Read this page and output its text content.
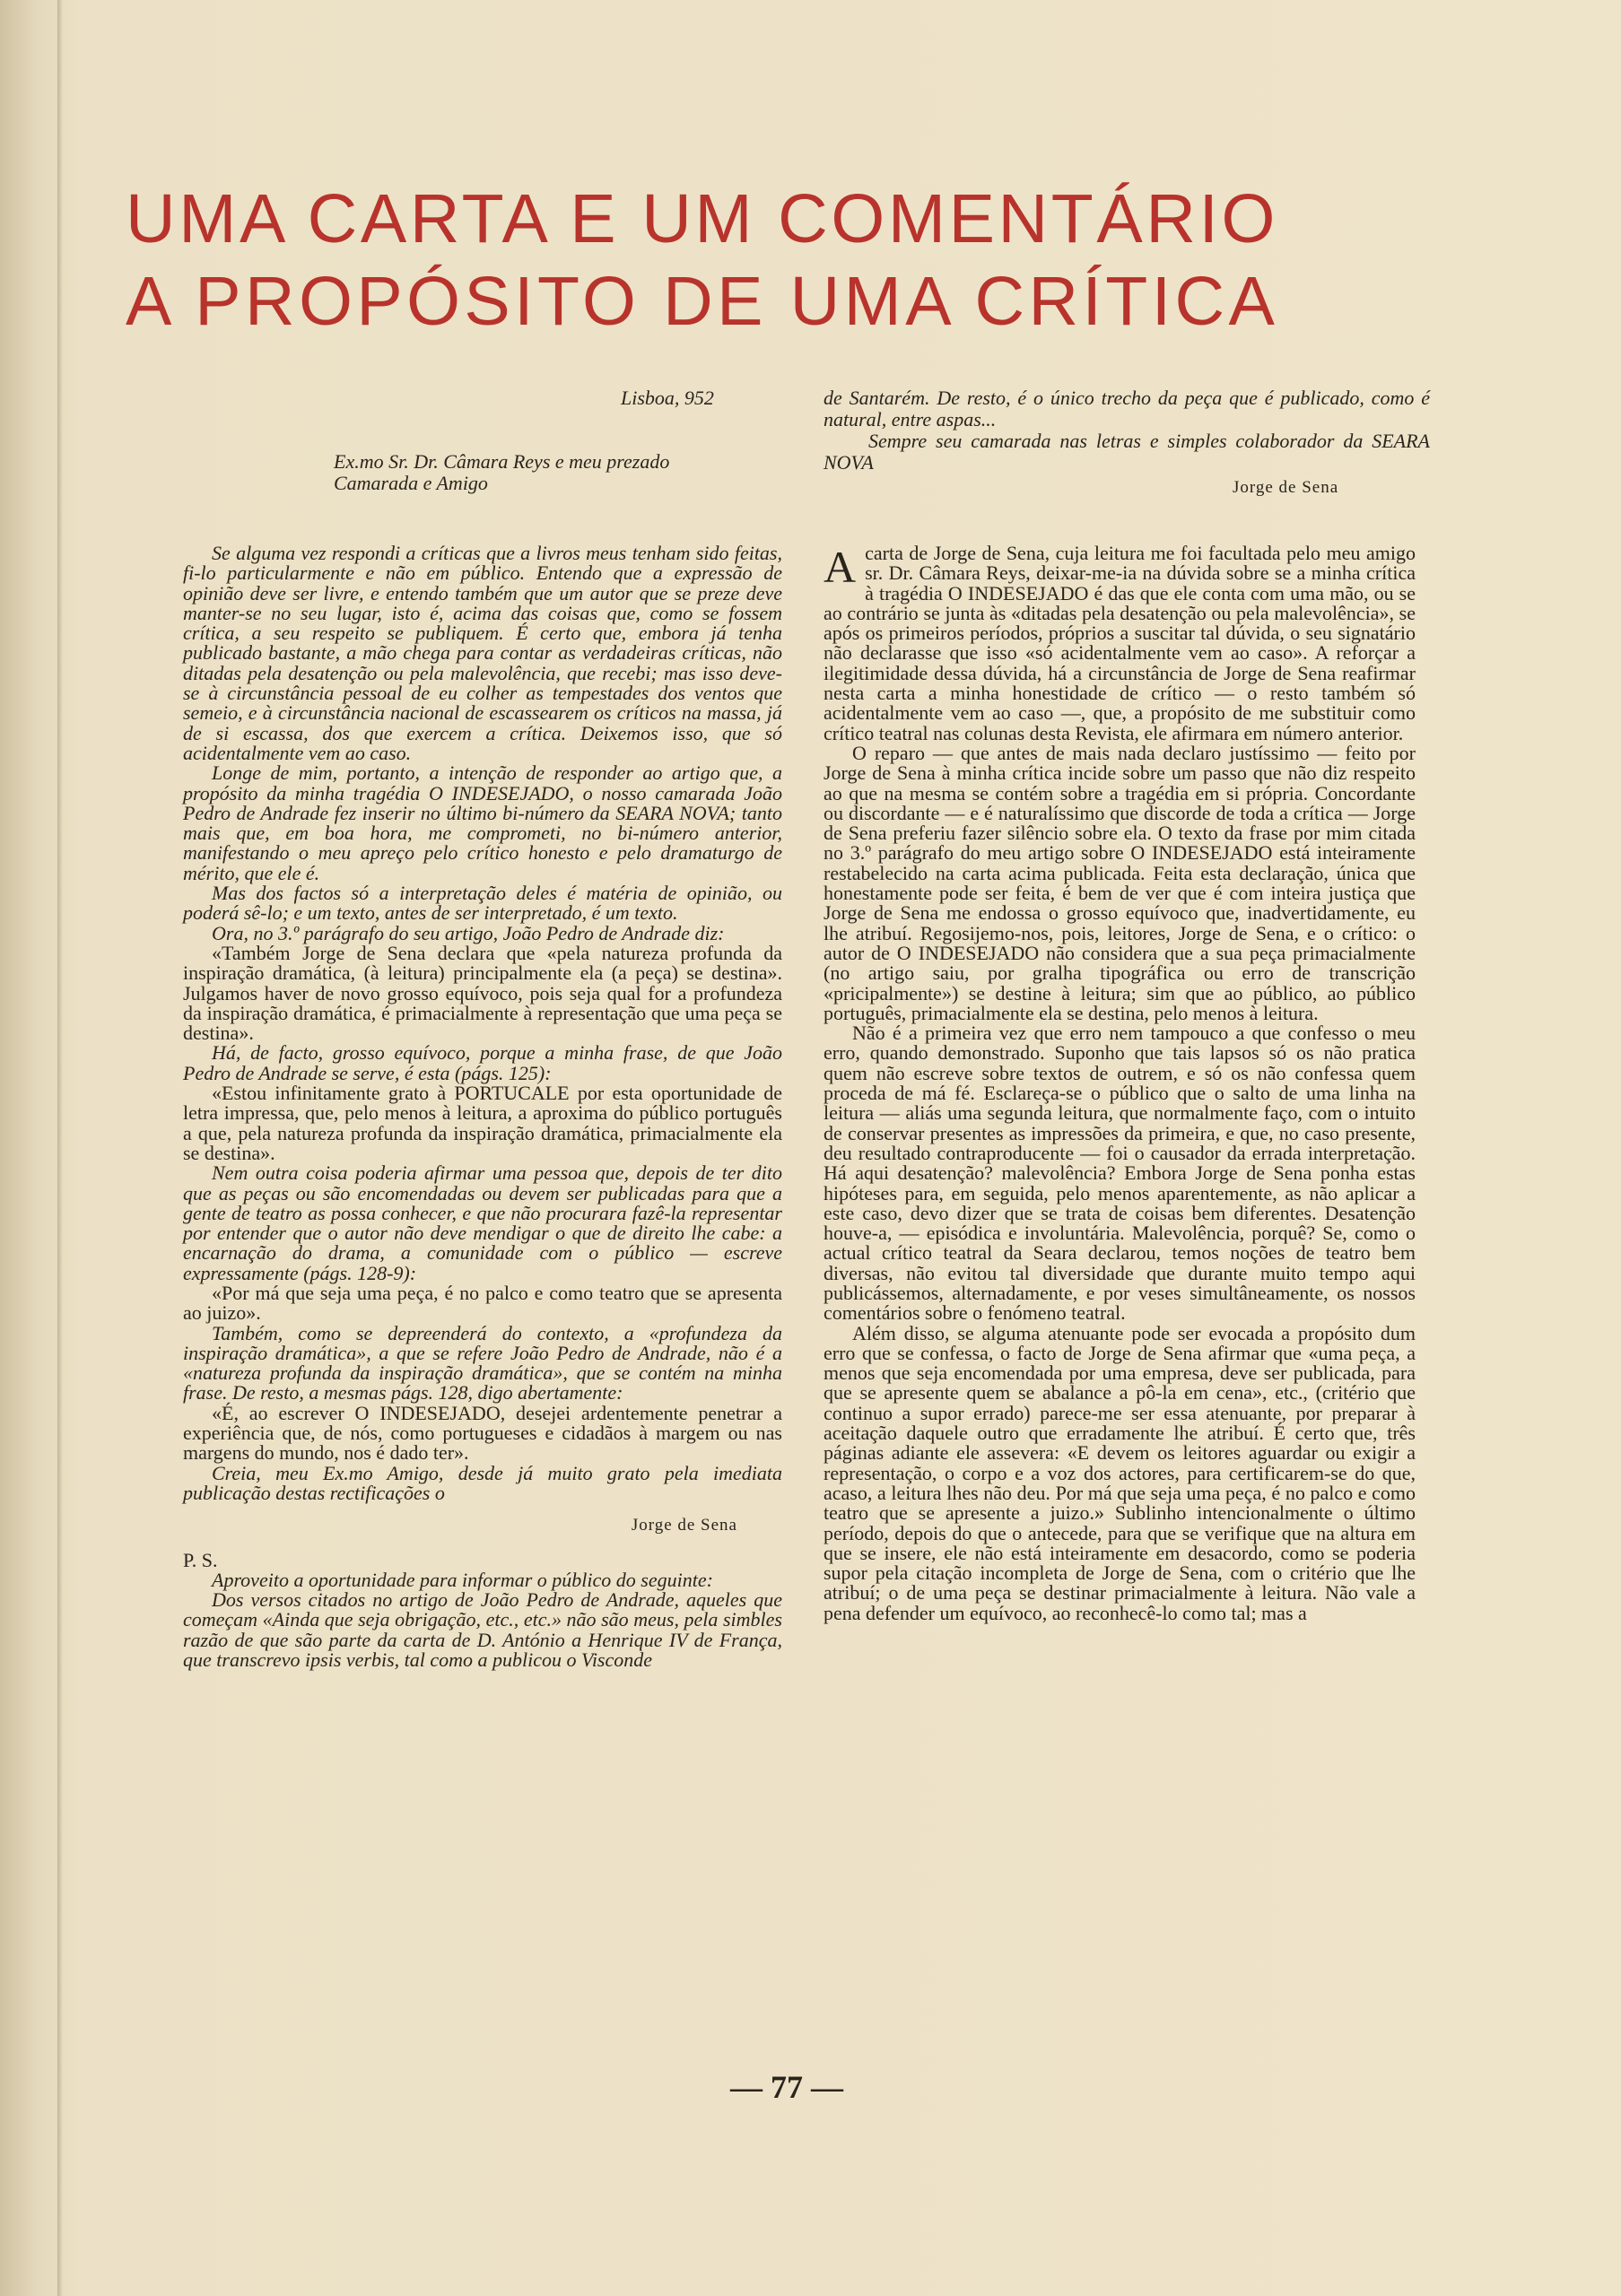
UMA CARTA E UM COMENTÁRIO
A PROPÓSITO DE UMA CRÍTICA
Lisboa, 952
Ex.mo Sr. Dr. Câmara Reys e meu prezado
Camarada e Amigo
de Santarém. De resto, é o único trecho da peça que é publicado, como é natural, entre aspas...
Sempre seu camarada nas letras e simples colaborador da SEARA NOVA
Jorge de Sena

Se alguma vez respondi a críticas que a livros meus tenham sido feitas, fi-lo particularmente e não em público. Entendo que a expressão de opinião deve ser livre, e entendo também que um autor que se preze deve manter-se no seu lugar, isto é, acima das coisas que, como se fossem crítica, a seu respeito se publiquem. É certo que, embora já tenha publicado bastante, a mão chega para contar as verdadeiras críticas, não ditadas pela desatenção ou pela malevolência, que recebi; mas isso deve-se à circunstância pessoal de eu colher as tempestades dos ventos que semeio, e à circunstância nacional de escassearem os críticos na massa, já de si escassa, dos que exercem a crítica. Deixemos isso, que só acidentalmente vem ao caso.

Longe de mim, portanto, a intenção de responder ao artigo que, a propósito da minha tragédia O INDESEJADO, o nosso camarada João Pedro de Andrade fez inserir no último bi-número da SEARA NOVA; tanto mais que, em boa hora, me comprometi, no bi-número anterior, manifestando o meu apreço pelo crítico honesto e pelo dramaturgo de mérito, que ele é.

Mas dos factos só a interpretação deles é matéria de opinião, ou poderá sê-lo; e um texto, antes de ser interpretado, é um texto.

Ora, no 3.º parágrafo do seu artigo, João Pedro de Andrade diz:

«Também Jorge de Sena declara que «pela natureza profunda da inspiração dramática, (à leitura) principalmente ela (a peça) se destina». Julgamos haver de novo grosso equívoco, pois seja qual for a profundeza da inspiração dramática, é primacialmente à representação que uma peça se destina».

Há, de facto, grosso equívoco, porque a minha frase, de que João Pedro de Andrade se serve, é esta (págs. 125):

«Estou infinitamente grato à PORTUCALE por esta oportunidade de letra impressa, que, pelo menos à leitura, a aproxima do público português a que, pela natureza profunda da inspiração dramática, primacialmente ela se destina».

Nem outra coisa poderia afirmar uma pessoa que, depois de ter dito que as peças ou são encomendadas ou devem ser publicadas para que a gente de teatro as possa conhecer, e que não procurara fazê-la representar por entender que o autor não deve mendigar o que de direito lhe cabe: a encarnação do drama, a comunidade com o público — escreve expressamente (págs. 128-9):

«Por má que seja uma peça, é no palco e como teatro que se apresenta ao juizo».

Também, como se depreenderá do contexto, a «profundeza da inspiração dramática», a que se refere João Pedro de Andrade, não é a «natureza profunda da inspiração dramática», que se contém na minha frase. De resto, a mesmas págs. 128, digo abertamente:

«É, ao escrever O INDESEJADO, desejei ardentemente penetrar a experiência que, de nós, como portugueses e cidadãos à margem ou nas margens do mundo, nos é dado ter».

Creia, meu Ex.mo Amigo, desde já muito grato pela imediata publicação destas rectificações o

Jorge de Sena

P. S.

Aproveito a oportunidade para informar o público do seguinte:

Dos versos citados no artigo de João Pedro de Andrade, aqueles que começam «Ainda que seja obrigação, etc., etc.» não são meus, pela simbles razão de que são parte da carta de D. António a Henrique IV de França, que transcrevo ipsis verbis, tal como a publicou o Visconde

A carta de Jorge de Sena, cuja leitura me foi facultada pelo meu amigo sr. Dr. Câmara Reys, deixar-me-ia na dúvida sobre se a minha crítica à tragédia O INDESEJADO é das que ele conta com uma mão, ou se ao contrário se junta às «ditadas pela desatenção ou pela malevolência», se após os primeiros períodos, próprios a suscitar tal dúvida, o seu signatário não declarasse que isso «só acidentalmente vem ao caso». A reforçar a ilegitimidade dessa dúvida, há a circunstância de Jorge de Sena reafirmar nesta carta a minha honestidade de crítico — o resto também só acidentalmente vem ao caso —, que, a propósito de me substituir como crítico teatral nas colunas desta Revista, ele afirmara em número anterior.

O reparo — que antes de mais nada declaro justíssimo — feito por Jorge de Sena à minha crítica incide sobre um passo que não diz respeito ao que na mesma se contém sobre a tragédia em si própria. Concordante ou discordante — e é naturalíssimo que discorde de toda a crítica — Jorge de Sena preferiu fazer silêncio sobre ela. O texto da frase por mim citada no 3.º parágrafo do meu artigo sobre O INDESEJADO está inteiramente restabelecido na carta acima publicada. Feita esta declaração, única que honestamente pode ser feita, é bem de ver que é com inteira justiça que Jorge de Sena me endossa o grosso equívoco que, inadvertidamente, eu lhe atribuí. Regosijemo-nos, pois, leitores, Jorge de Sena, e o crítico: o autor de O INDESEJADO não considera que a sua peça primacialmente (no artigo saiu, por gralha tipográfica ou erro de transcrição «pricipalmente») se destine à leitura; sim que ao público, ao público português, primacialmente ela se destina, pelo menos à leitura.

Não é a primeira vez que erro nem tampouco a que confesso o meu erro, quando demonstrado. Suponho que tais lapsos só os não pratica quem não escreve sobre textos de outrem, e só os não confessa quem proceda de má fé. Esclareça-se o público que o salto de uma linha na leitura — aliás uma segunda leitura, que normalmente faço, com o intuito de conservar presentes as impressões da primeira, e que, no caso presente, deu resultado contraproducente — foi o causador da errada interpretação. Há aqui desatenção? malevolência? Embora Jorge de Sena ponha estas hipóteses para, em seguida, pelo menos aparentemente, as não aplicar a este caso, devo dizer que se trata de coisas bem diferentes. Desatenção houve-a, — episódica e involuntária. Malevolência, porquê? Se, como o actual crítico teatral da Seara declarou, temos noções de teatro bem diversas, não evitou tal diversidade que durante muito tempo aqui publicássemos, alternadamente, e por veses simultâneamente, os nossos comentários sobre o fenómeno teatral.

Além disso, se alguma atenuante pode ser evocada a propósito dum erro que se confessa, o facto de Jorge de Sena afirmar que «uma peça, a menos que seja encomendada por uma empresa, deve ser publicada, para que se apresente quem se abalance a pô-la em cena», etc., (critério que continuo a supor errado) parece-me ser essa atenuante, por preparar à aceitação daquele outro que erradamente lhe atribuí. É certo que, três páginas adiante ele assevera: «E devem os leitores aguardar ou exigir a representação, o corpo e a voz dos actores, para certificarem-se do que, acaso, a leitura lhes não deu. Por má que seja uma peça, é no palco e como teatro que se apresente a juizo.» Sublinho intencionalmente o último período, depois do que o antecede, para que se verifique que na altura em que se insere, ele não está inteiramente em desacordo, como se poderia supor pela citação incompleta de Jorge de Sena, com o critério que lhe atribuí; o de uma peça se destinar primacialmente à leitura. Não vale a pena defender um equívoco, ao reconhecê-lo como tal; mas a

— 77 —
